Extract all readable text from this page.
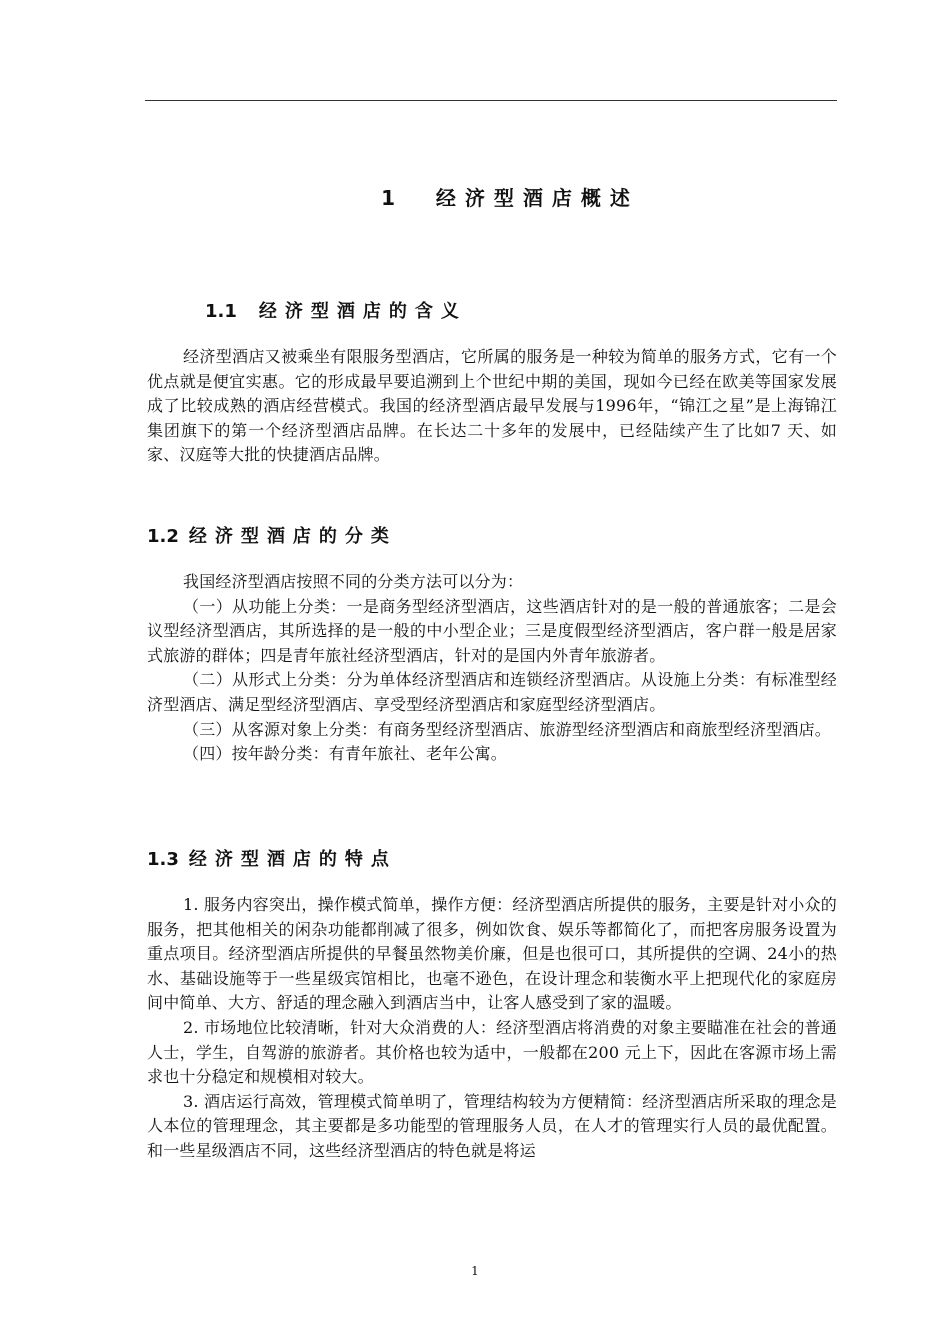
1 经济型酒店概述
1.1 经济型酒店的含义

经济型酒店又被乘坐有限服务型酒店，它所属的服务是一种较为简单的服务方式，它有一个优点就是便宜实惠。它的形成最早要追溯到上个世纪中期的美国，现如今已经在欧美等国家发展成了比较成熟的酒店经营模式。我国的经济型酒店最早发展与1996年，“锦江之星”是上海锦江集团旗下的第一个经济型酒店品牌。在长达二十多年的发展中，已经陆续产生了比如7 天、如家、汉庭等大批的快捷酒店品牌。

1.2 经济型酒店的分类

我国经济型酒店按照不同的分类方法可以分为：

（一）从功能上分类：一是商务型经济型酒店，这些酒店针对的是一般的普通旅客；二是会议型经济型酒店，其所选择的是一般的中小型企业；三是度假型经济型酒店，客户群一般是居家式旅游的群体；四是青年旅社经济型酒店，针对的是国内外青年旅游者。

（二）从形式上分类：分为单体经济型酒店和连锁经济型酒店。从设施上分类：有标准型经济型酒店、满足型经济型酒店、享受型经济型酒店和家庭型经济型酒店。

（三）从客源对象上分类：有商务型经济型酒店、旅游型经济型酒店和商旅型经济型酒店。

（四）按年龄分类：有青年旅社、老年公寓。

1.3 经济型酒店的特点

1. 服务内容突出，操作模式简单，操作方便：经济型酒店所提供的服务，主要是针对小众的服务，把其他相关的闲杂功能都削减了很多，例如饮食、娱乐等都简化了，而把客房服务设置为重点项目。经济型酒店所提供的早餐虽然物美价廉，但是也很可口，其所提供的空调、24小的热水、基础设施等于一些星级宾馆相比，也毫不逊色，在设计理念和装衡水平上把现代化的家庭房间中简单、大方、舒适的理念融入到酒店当中，让客人感受到了家的温暖。

2. 市场地位比较清晰，针对大众消费的人：经济型酒店将消费的对象主要瞄准在社会的普通人士，学生，自驾游的旅游者。其价格也较为适中，一般都在200 元上下，因此在客源市场上需求也十分稳定和规模相对较大。

3. 酒店运行高效，管理模式简单明了，管理结构较为方便精简：经济型酒店所采取的理念是人本位的管理理念，其主要都是多功能型的管理服务人员，在人才的管理实行人员的最优配置。和一些星级酒店不同，这些经济型酒店的特色就是将运

1
